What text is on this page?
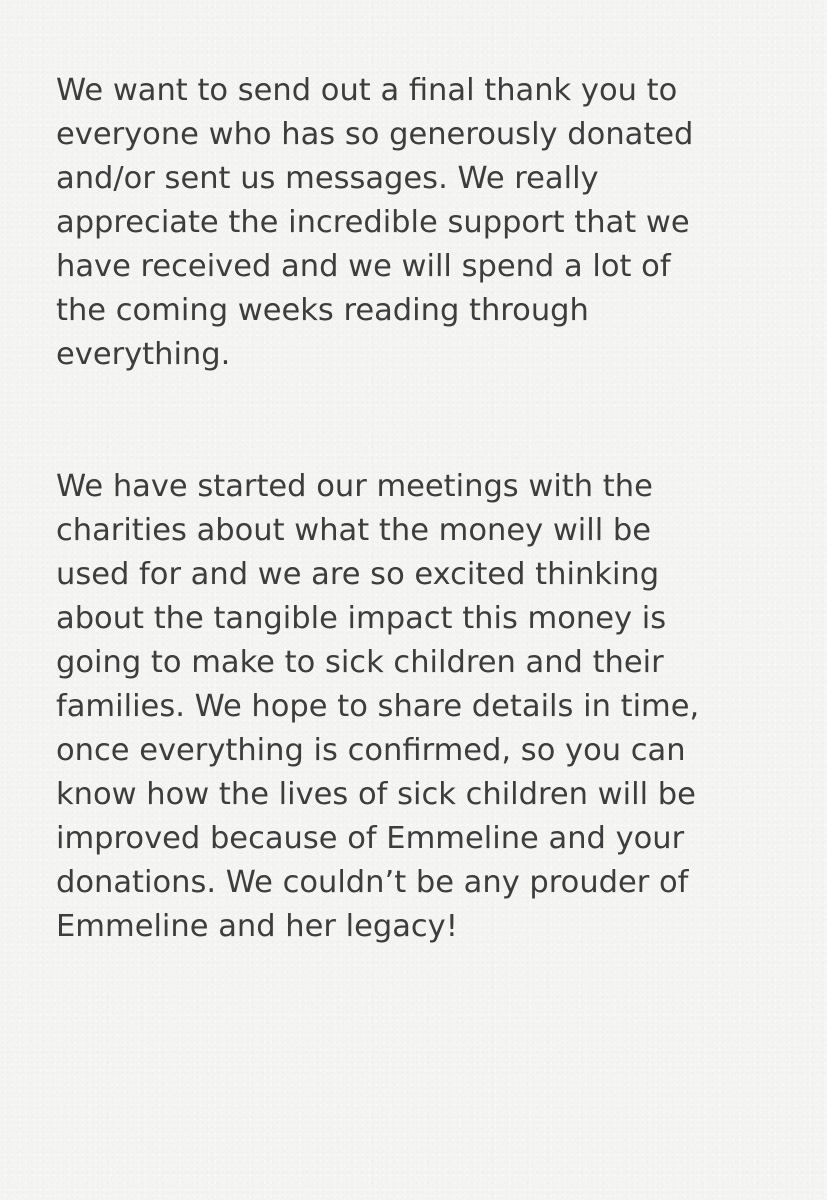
We want to send out a final thank you to
everyone who has so generously donated
and/or sent us messages. We really
appreciate the incredible support that we
have received and we will spend a lot of
the coming weeks reading through
everything.
We have started our meetings with the
charities about what the money will be
used for and we are so excited thinking
about the tangible impact this money is
going to make to sick children and their
families. We hope to share details in time,
once everything is confirmed, so you can
know how the lives of sick children will be
improved because of Emmeline and your
donations. We couldn’t be any prouder of
Emmeline and her legacy!
